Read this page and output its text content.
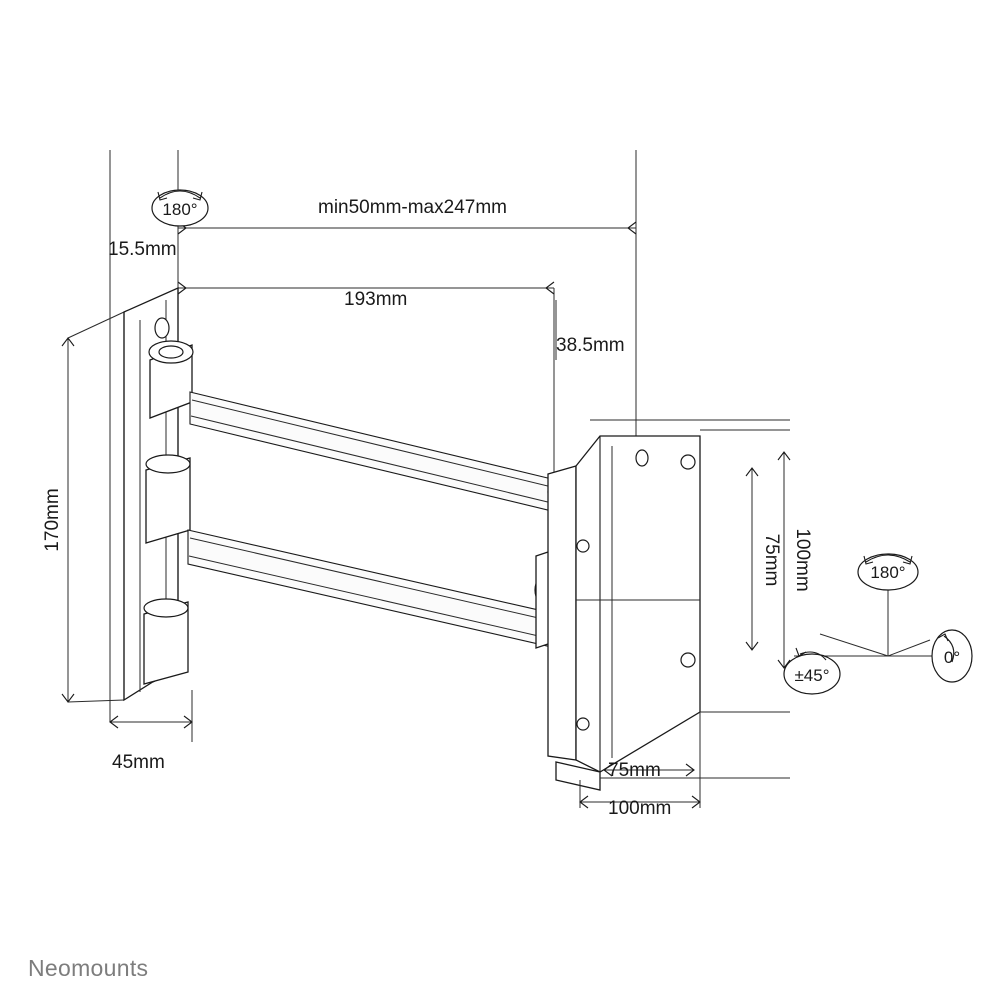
min50mm-max247mm
193mm
38.5mm
15.5mm
170mm
45mm
100mm
75mm
75mm
100mm
180°
180°
±45°
0°
Neomounts
